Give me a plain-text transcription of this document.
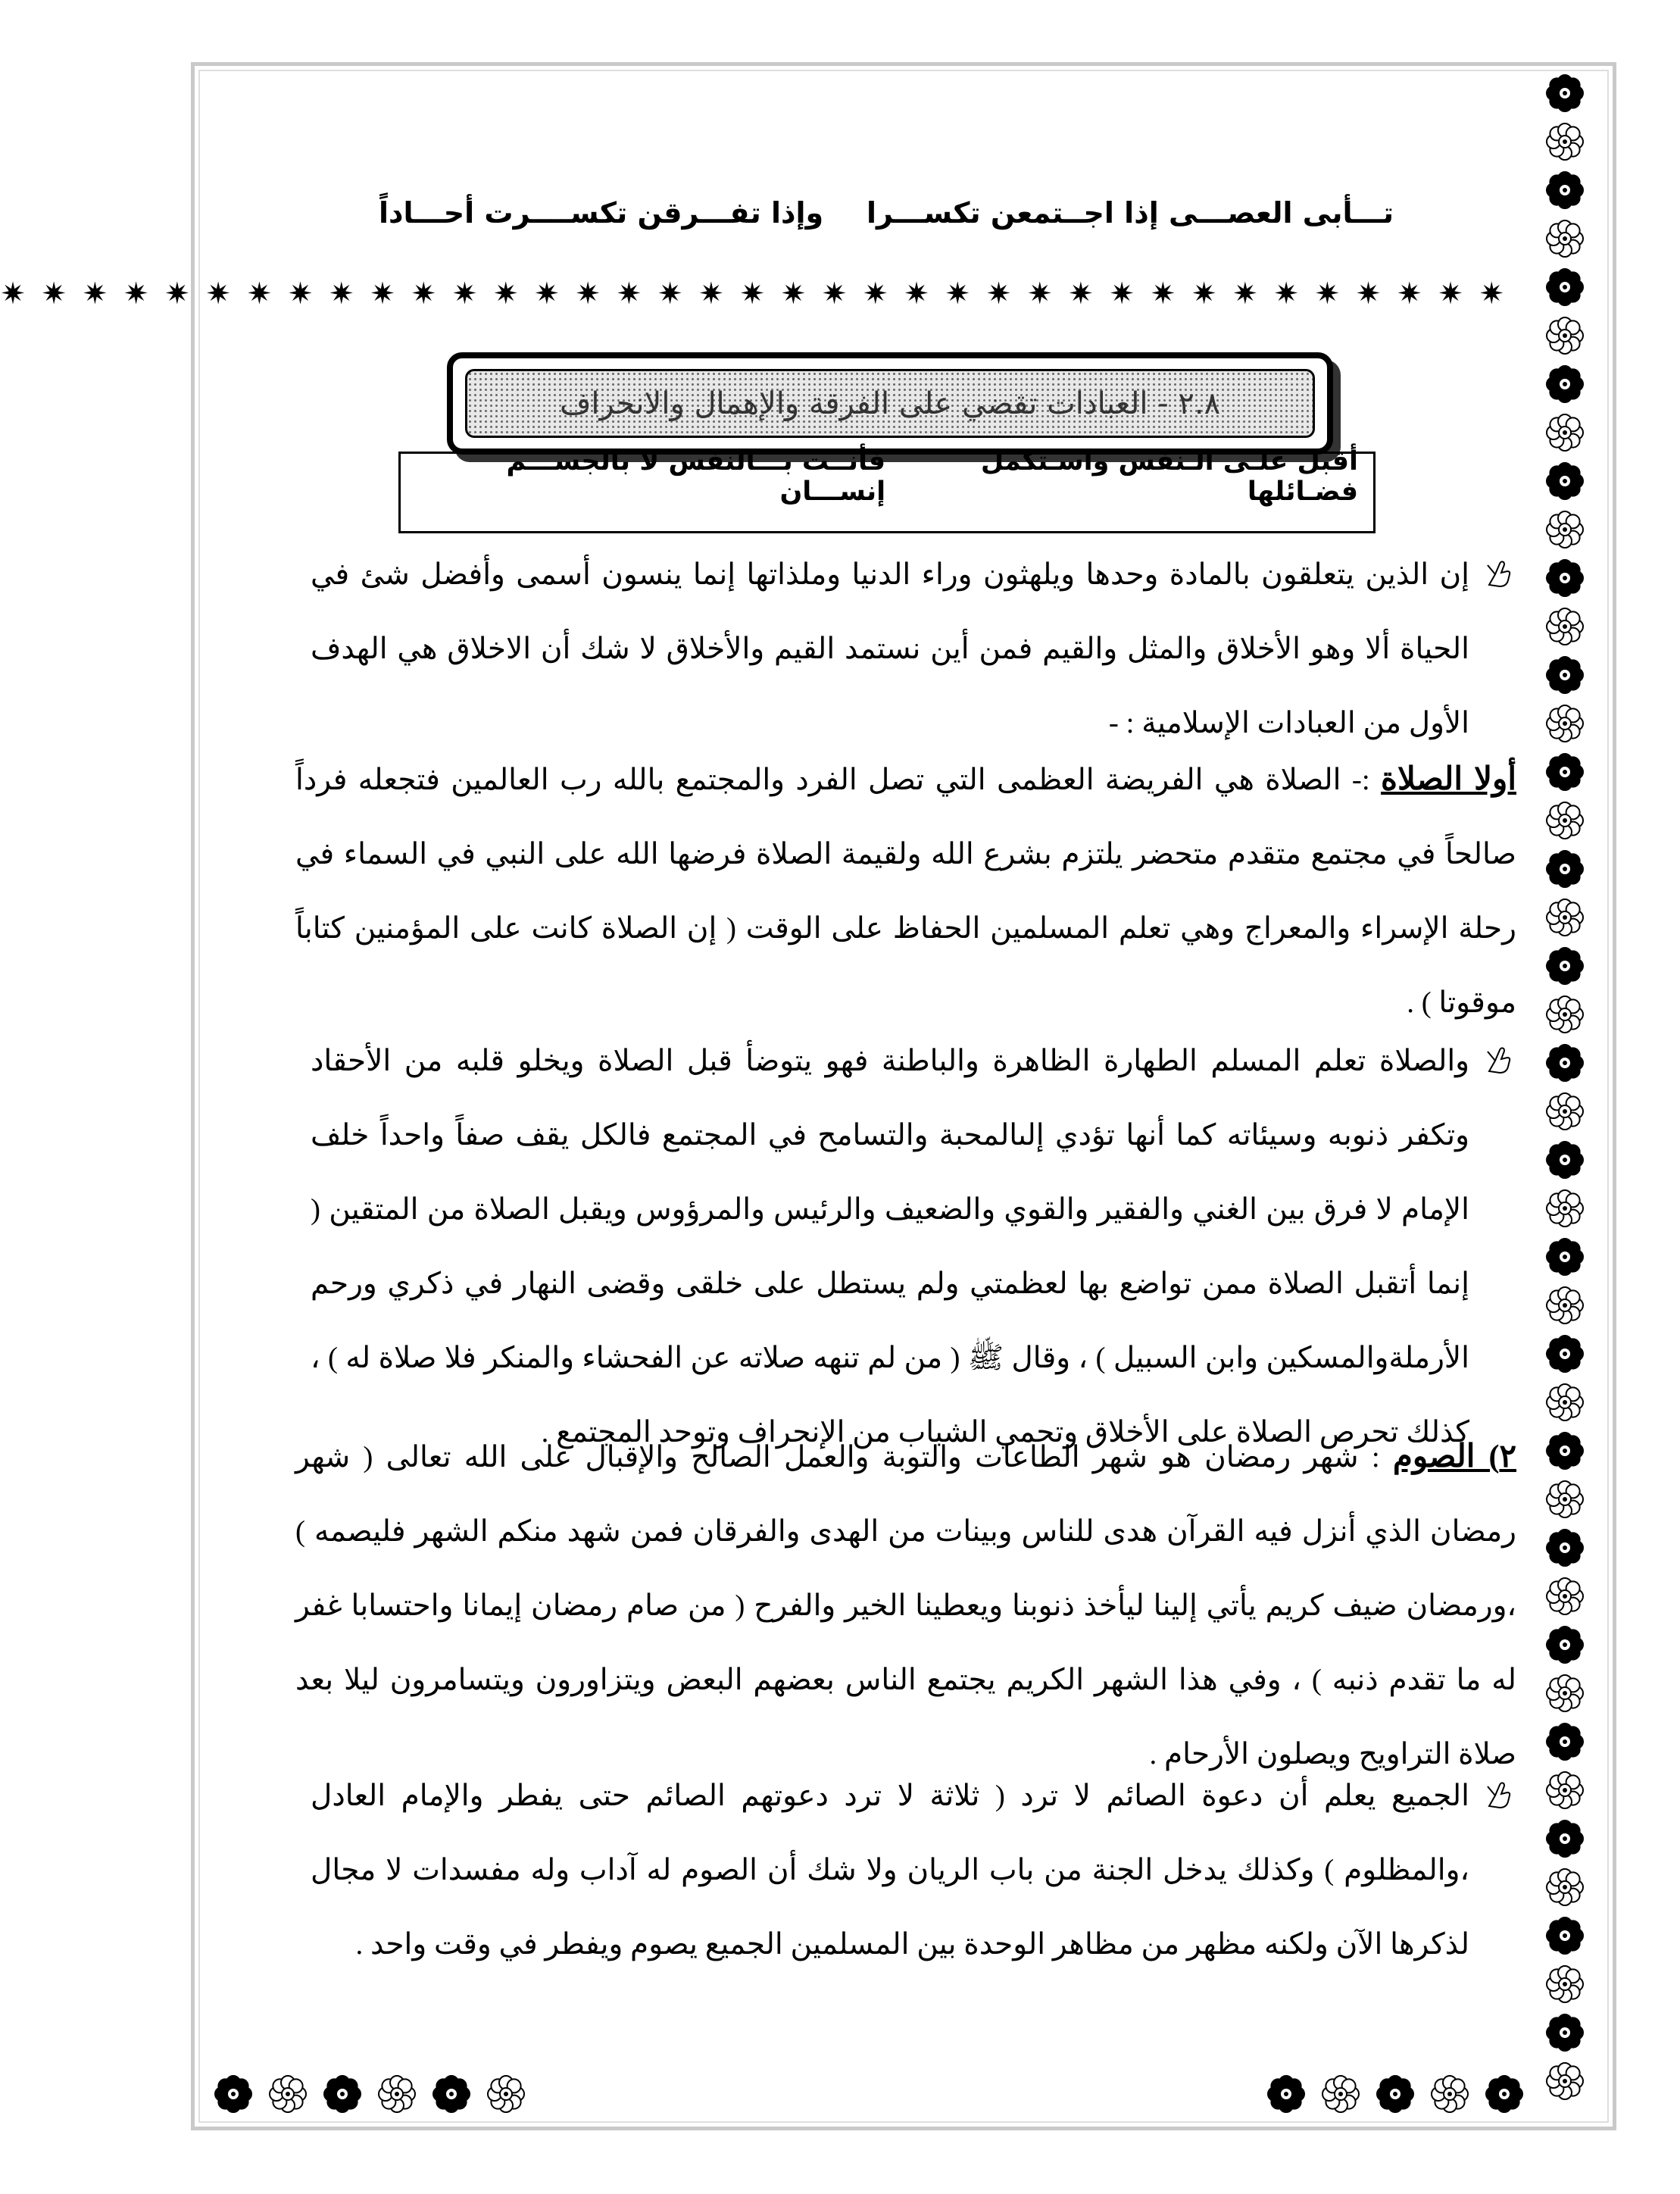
تـــأبى العصـــى إذا اجــتمعن تكســـرا
وإذا تفـــرقن تكســــرت أحـــاداً
✷ ✷ ✷ ✷ ✷ ✷ ✷ ✷ ✷ ✷ ✷ ✷ ✷ ✷ ✷ ✷ ✷ ✷ ✷ ✷ ✷ ✷ ✷ ✷ ✷ ✷ ✷ ✷ ✷ ✷ ✷ ✷ ✷ ✷ ✷ ✷ ✷
٢.٨ - العبادات تقضي على الفرقة والإهمال والانحراف
أقبل علـى الـنفس واسـتكمل فضـائلها
فأنــت بـــالنفس لا بالجســـم إنســـان
إن الذين يتعلقون بالمادة وحدها ويلهثون وراء الدنيا وملذاتها إنما ينسون أسمى وأفضل شئ في الحياة ألا وهو الأخلاق والمثل والقيم فمن أين نستمد القيم والأخلاق لا شك أن الاخلاق هي الهدف الأول من العبادات الإسلامية : -
أولا الصلاة :- الصلاة هي الفريضة العظمى التي تصل الفرد والمجتمع بالله رب العالمين فتجعله فرداً صالحاً في مجتمع متقدم متحضر يلتزم بشرع الله ولقيمة الصلاة فرضها الله على النبي في السماء في رحلة الإسراء والمعراج وهي تعلم المسلمين الحفاظ على الوقت ( إن الصلاة كانت على المؤمنين كتاباً موقوتا ) .
والصلاة تعلم المسلم الطهارة الظاهرة والباطنة فهو يتوضأ قبل الصلاة ويخلو قلبه من الأحقاد وتكفر ذنوبه وسيئاته كما أنها تؤدي إلىالمحبة والتسامح في المجتمع فالكل يقف صفاً واحداً خلف الإمام لا فرق بين الغني والفقير والقوي والضعيف والرئيس والمرؤوس ويقبل الصلاة من المتقين ( إنما أتقبل الصلاة ممن تواضع بها لعظمتي ولم يستطل على خلقى وقضى النهار في ذكري ورحم الأرملةوالمسكين وابن السبيل ) ، وقال ﷺ ( من لم تنهه صلاته عن الفحشاء والمنكر فلا صلاة له ) ، كذلك تحرص الصلاة على الأخلاق وتحمي الشباب من الإنحراف وتوحد المجتمع .
٢) الصوم : شهر رمضان هو شهر الطاعات والتوبة والعمل الصالح والإقبال على الله تعالى ( شهر رمضان الذي أنزل فيه القرآن هدى للناس وبينات من الهدى والفرقان فمن شهد منكم الشهر فليصمه ) ،ورمضان ضيف كريم يأتي إلينا ليأخذ ذنوبنا ويعطينا الخير والفرح ( من صام رمضان إيمانا واحتسابا غفر له ما تقدم ذنبه ) ، وفي هذا الشهر الكريم يجتمع الناس بعضهم البعض ويتزاورون ويتسامرون ليلا بعد صلاة التراويح ويصلون الأرحام .
الجميع يعلم أن دعوة الصائم لا ترد ( ثلاثة لا ترد دعوتهم الصائم حتى يفطر والإمام العادل ،والمظلوم ) وكذلك يدخل الجنة من باب الريان ولا شك أن الصوم له آداب وله مفسدات لا مجال لذكرها الآن ولكنه مظهر من مظاهر الوحدة بين المسلمين الجميع يصوم ويفطر في وقت واحد .
